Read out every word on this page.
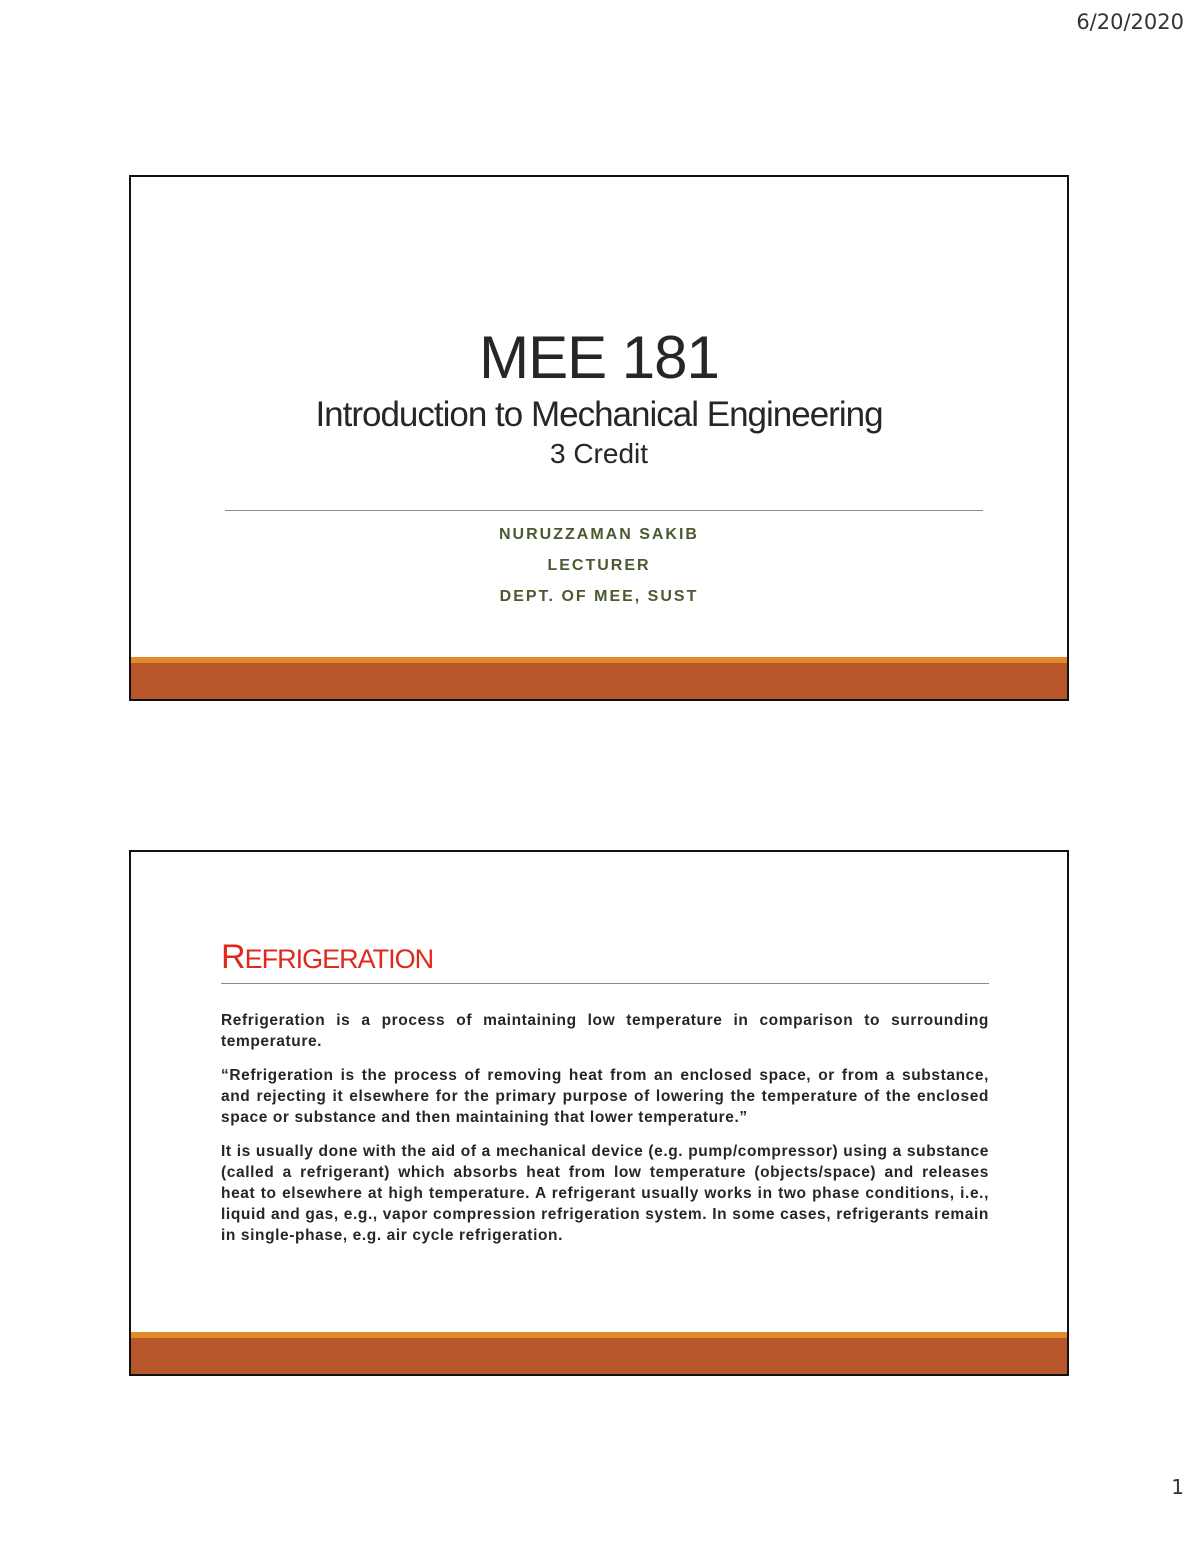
6/20/2020
MEE 181
Introduction to Mechanical Engineering
3 Credit
NURUZZAMAN SAKIB
LECTURER
DEPT. OF MEE, SUST
REFRIGERATION

Refrigeration is a process of maintaining low temperature in comparison to surrounding temperature.

“Refrigeration is the process of removing heat from an enclosed space, or from a substance, and rejecting it elsewhere for the primary purpose of lowering the temperature of the enclosed space or substance and then maintaining that lower temperature.”

It is usually done with the aid of a mechanical device (e.g. pump/compressor) using a substance (called a refrigerant) which absorbs heat from low temperature (objects/space) and releases heat to elsewhere at high temperature. A refrigerant usually works in two phase conditions, i.e., liquid and gas, e.g., vapor compression refrigeration system. In some cases, refrigerants remain in single-phase, e.g. air cycle refrigeration.

1
